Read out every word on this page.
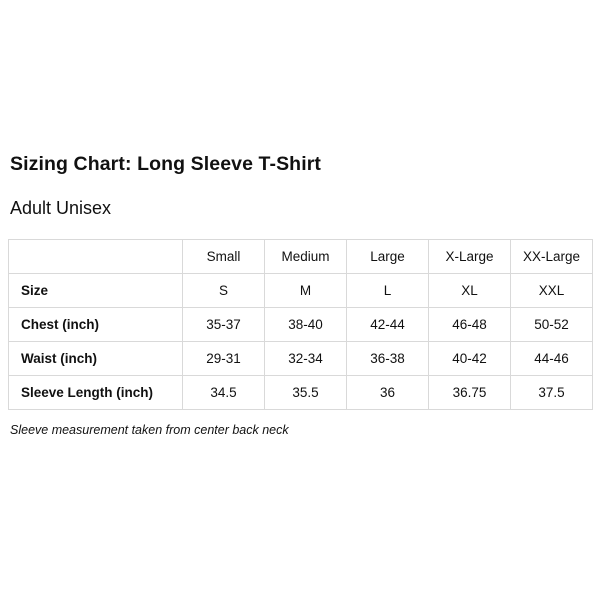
Sizing Chart: Long Sleeve T-Shirt
Adult Unisex
	Small	Medium	Large	X-Large	XX-Large
Size	S	M	L	XL	XXL
Chest (inch)	35-37	38-40	42-44	46-48	50-52
Waist (inch)	29-31	32-34	36-38	40-42	44-46
Sleeve Length (inch)	34.5	35.5	36	36.75	37.5
Sleeve measurement taken from center back neck
